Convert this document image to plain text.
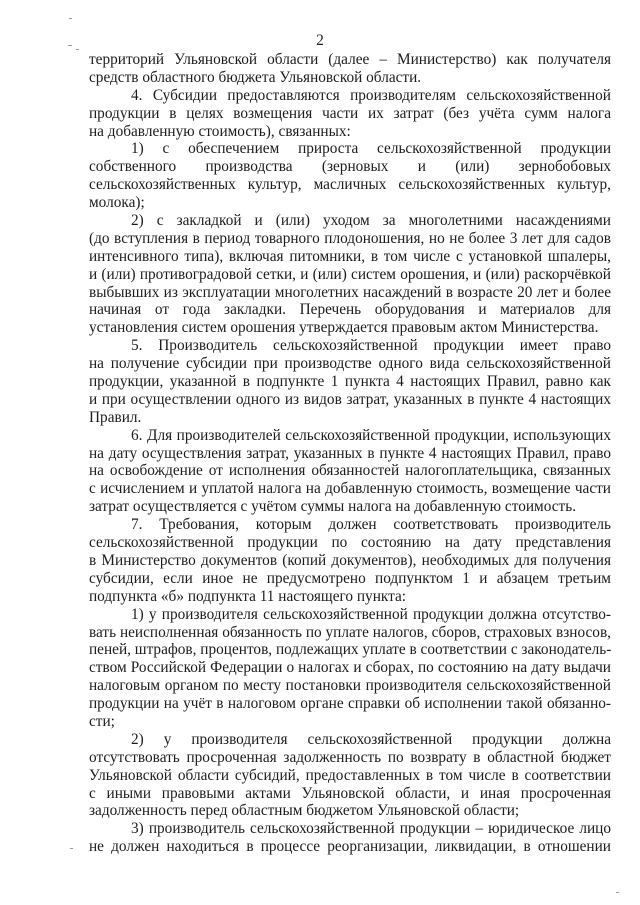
2
территорий Ульяновской области (далее – Министерство) как получателя
средств областного бюджета Ульяновской области.
4. Субсидии предоставляются производителям сельскохозяйственной
продукции в целях возмещения части их затрат (без учёта сумм налога
на добавленную стоимость), связанных:
1) с обеспечением прироста сельскохозяйственной продукции
собственного производства (зерновых и (или) зернобобовых
сельскохозяйственных культур, масличных сельскохозяйственных культур,
молока);
2) с закладкой и (или) уходом за многолетними насаждениями
(до вступления в период товарного плодоношения, но не более 3 лет для садов
интенсивного типа), включая питомники, в том числе с установкой шпалеры,
и (или) противоградовой сетки, и (или) систем орошения, и (или) раскорчёвкой
выбывших из эксплуатации многолетних насаждений в возрасте 20 лет и более
начиная от года закладки. Перечень оборудования и материалов для
установления систем орошения утверждается правовым актом Министерства.
5. Производитель сельскохозяйственной продукции имеет право
на получение субсидии при производстве одного вида сельскохозяйственной
продукции, указанной в подпункте 1 пункта 4 настоящих Правил, равно как
и при осуществлении одного из видов затрат, указанных в пункте 4 настоящих
Правил.
6. Для производителей сельскохозяйственной продукции, использующих
на дату осуществления затрат, указанных в пункте 4 настоящих Правил, право
на освобождение от исполнения обязанностей налогоплательщика, связанных
с исчислением и уплатой налога на добавленную стоимость, возмещение части
затрат осуществляется с учётом суммы налога на добавленную стоимость.
7. Требования, которым должен соответствовать производитель
сельскохозяйственной продукции по состоянию на дату представления
в Министерство документов (копий документов), необходимых для получения
субсидии, если иное не предусмотрено подпунктом 1 и абзацем третьим
подпункта «б» подпункта 11 настоящего пункта:
1) у производителя сельскохозяйственной продукции должна отсутство-
вать неисполненная обязанность по уплате налогов, сборов, страховых взносов,
пеней, штрафов, процентов, подлежащих уплате в соответствии с законодатель-
ством Российской Федерации о налогах и сборах, по состоянию на дату выдачи
налоговым органом по месту постановки производителя сельскохозяйственной
продукции на учёт в налоговом органе справки об исполнении такой обязанно-
сти;
2) у производителя сельскохозяйственной продукции должна
отсутствовать просроченная задолженность по возврату в областной бюджет
Ульяновской области субсидий, предоставленных в том числе в соответствии
с иными правовыми актами Ульяновской области, и иная просроченная
задолженность перед областным бюджетом Ульяновской области;
3) производитель сельскохозяйственной продукции – юридическое лицо
не должен находиться в процессе реорганизации, ликвидации, в отношении
